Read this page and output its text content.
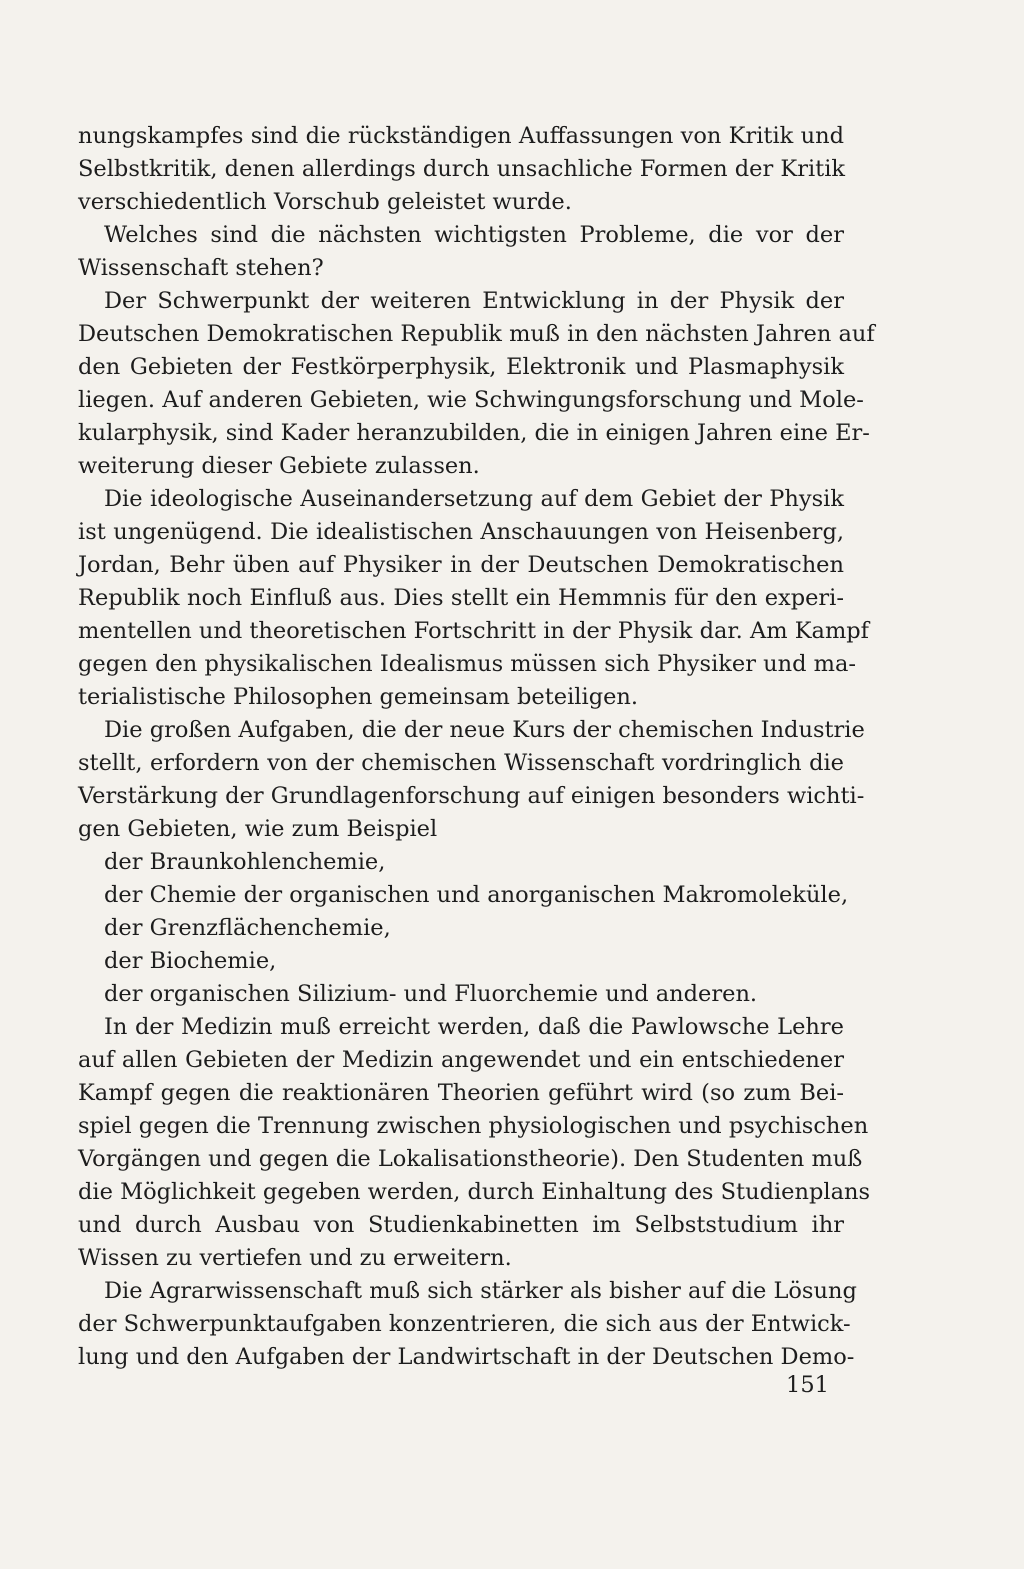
nungskampfes sind die rückständigen Auffassungen von Kritik und
Selbstkritik, denen allerdings durch unsachliche Formen der Kritik
verschiedentlich Vorschub geleistet wurde.

Welches sind die nächsten wichtigsten Probleme, die vor der
Wissenschaft stehen?

Der Schwerpunkt der weiteren Entwicklung in der Physik der
Deutschen Demokratischen Republik muß in den nächsten Jahren auf
den Gebieten der Festkörperphysik, Elektronik und Plasmaphysik
liegen. Auf anderen Gebieten, wie Schwingungsforschung und Mole-
kularphysik, sind Kader heranzubilden, die in einigen Jahren eine Er-
weiterung dieser Gebiete zulassen.

Die ideologische Auseinandersetzung auf dem Gebiet der Physik
ist ungenügend. Die idealistischen Anschauungen von Heisenberg,
Jordan, Behr üben auf Physiker in der Deutschen Demokratischen
Republik noch Einfluß aus. Dies stellt ein Hemmnis für den experi-
mentellen und theoretischen Fortschritt in der Physik dar. Am Kampf
gegen den physikalischen Idealismus müssen sich Physiker und ma-
terialistische Philosophen gemeinsam beteiligen.

Die großen Aufgaben, die der neue Kurs der chemischen Industrie
stellt, erfordern von der chemischen Wissenschaft vordringlich die
Verstärkung der Grundlagenforschung auf einigen besonders wichti-
gen Gebieten, wie zum Beispiel

der Braunkohlenchemie,
der Chemie der organischen und anorganischen Makromoleküle,
der Grenzflächenchemie,
der Biochemie,
der organischen Silizium- und Fluorchemie und anderen.

In der Medizin muß erreicht werden, daß die Pawlowsche Lehre
auf allen Gebieten der Medizin angewendet und ein entschiedener
Kampf gegen die reaktionären Theorien geführt wird (so zum Bei-
spiel gegen die Trennung zwischen physiologischen und psychischen
Vorgängen und gegen die Lokalisationstheorie). Den Studenten muß
die Möglichkeit gegeben werden, durch Einhaltung des Studienplans
und durch Ausbau von Studienkabinetten im Selbststudium ihr
Wissen zu vertiefen und zu erweitern.

Die Agrarwissenschaft muß sich stärker als bisher auf die Lösung
der Schwerpunktaufgaben konzentrieren, die sich aus der Entwick-
lung und den Aufgaben der Landwirtschaft in der Deutschen Demo-

151
